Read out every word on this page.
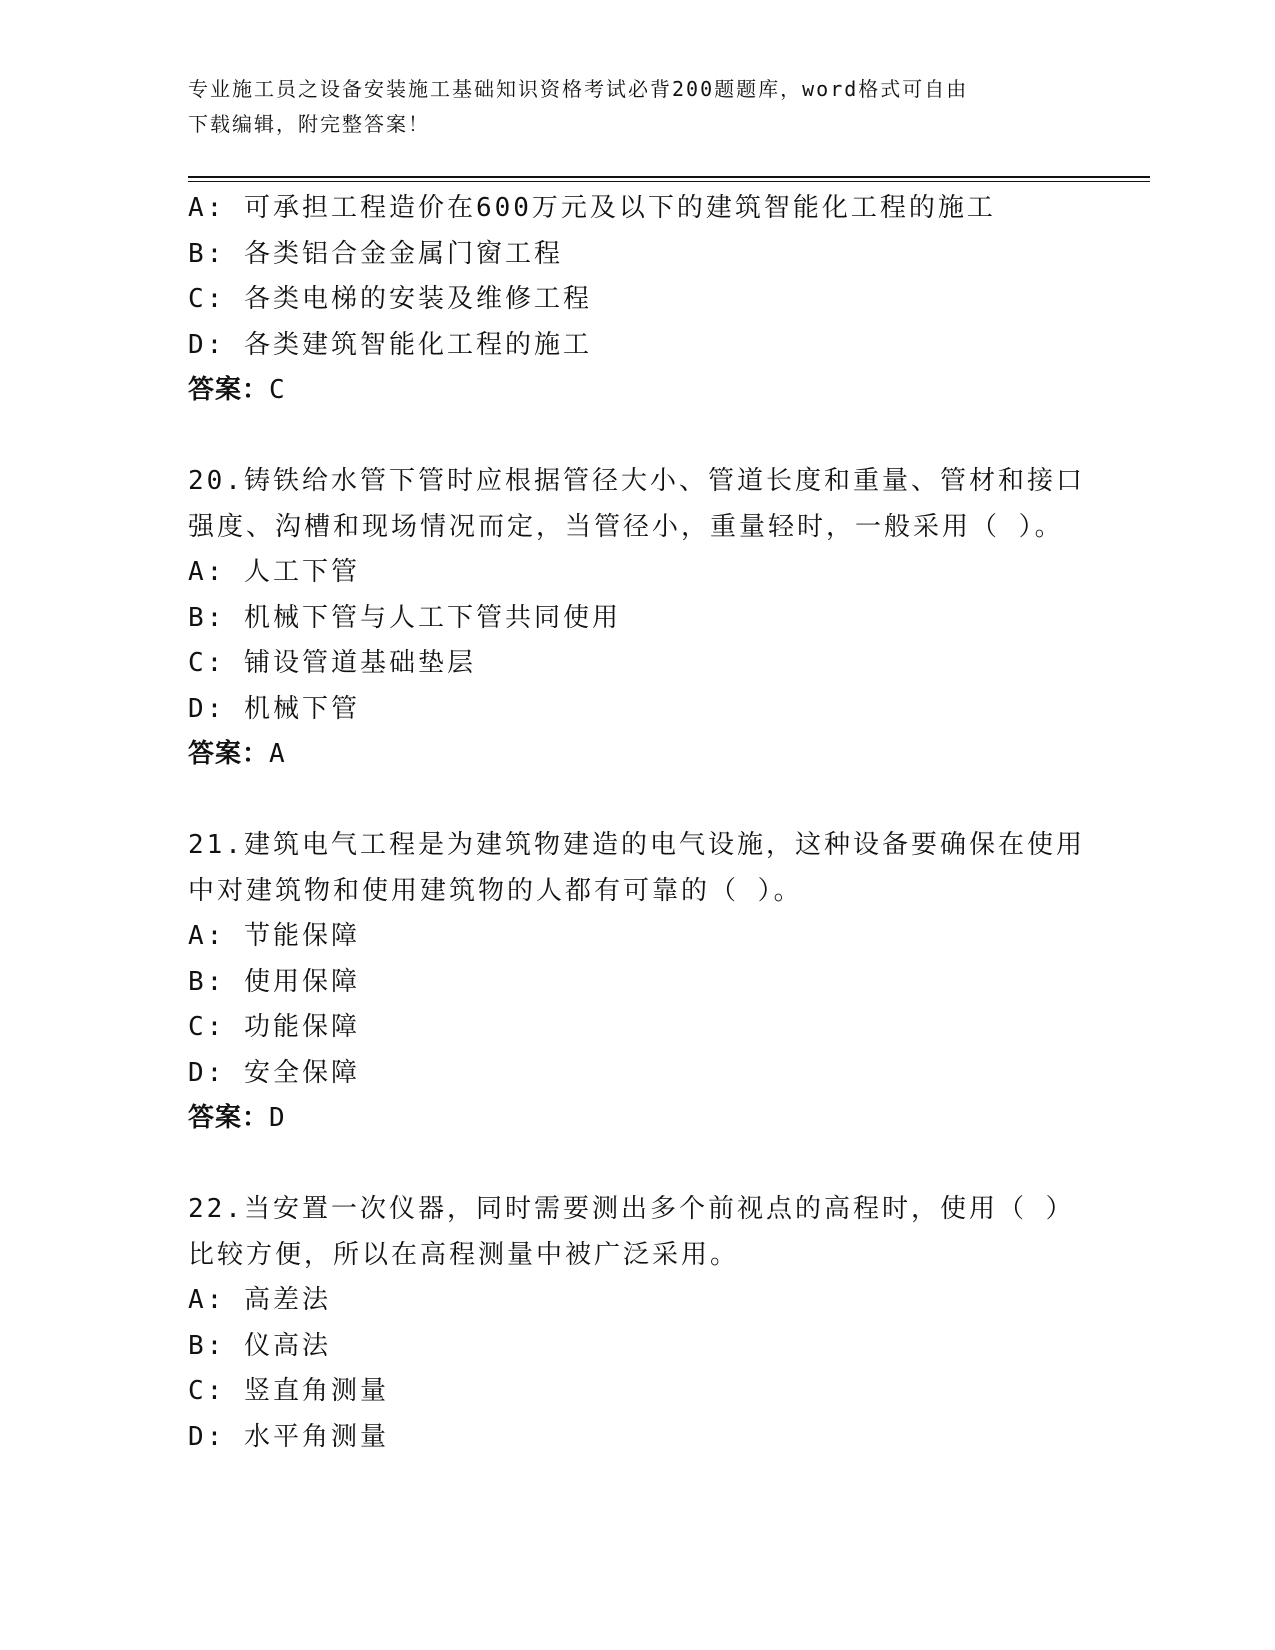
专业施工员之设备安装施工基础知识资格考试必背200题题库，word格式可自由
下载编辑，附完整答案！
A: 可承担工程造价在600万元及以下的建筑智能化工程的施工
B: 各类铝合金金属门窗工程
C: 各类电梯的安装及维修工程
D: 各类建筑智能化工程的施工
答案：C
20.铸铁给水管下管时应根据管径大小、管道长度和重量、管材和接口
强度、沟槽和现场情况而定，当管径小，重量轻时，一般采用（ ）。
A: 人工下管
B: 机械下管与人工下管共同使用
C: 铺设管道基础垫层
D: 机械下管
答案：A
21.建筑电气工程是为建筑物建造的电气设施，这种设备要确保在使用
中对建筑物和使用建筑物的人都有可靠的（ ）。
A: 节能保障
B: 使用保障
C: 功能保障
D: 安全保障
答案：D
22.当安置一次仪器，同时需要测出多个前视点的高程时，使用（ ）
比较方便，所以在高程测量中被广泛采用。
A: 高差法
B: 仪高法
C: 竖直角测量
D: 水平角测量
